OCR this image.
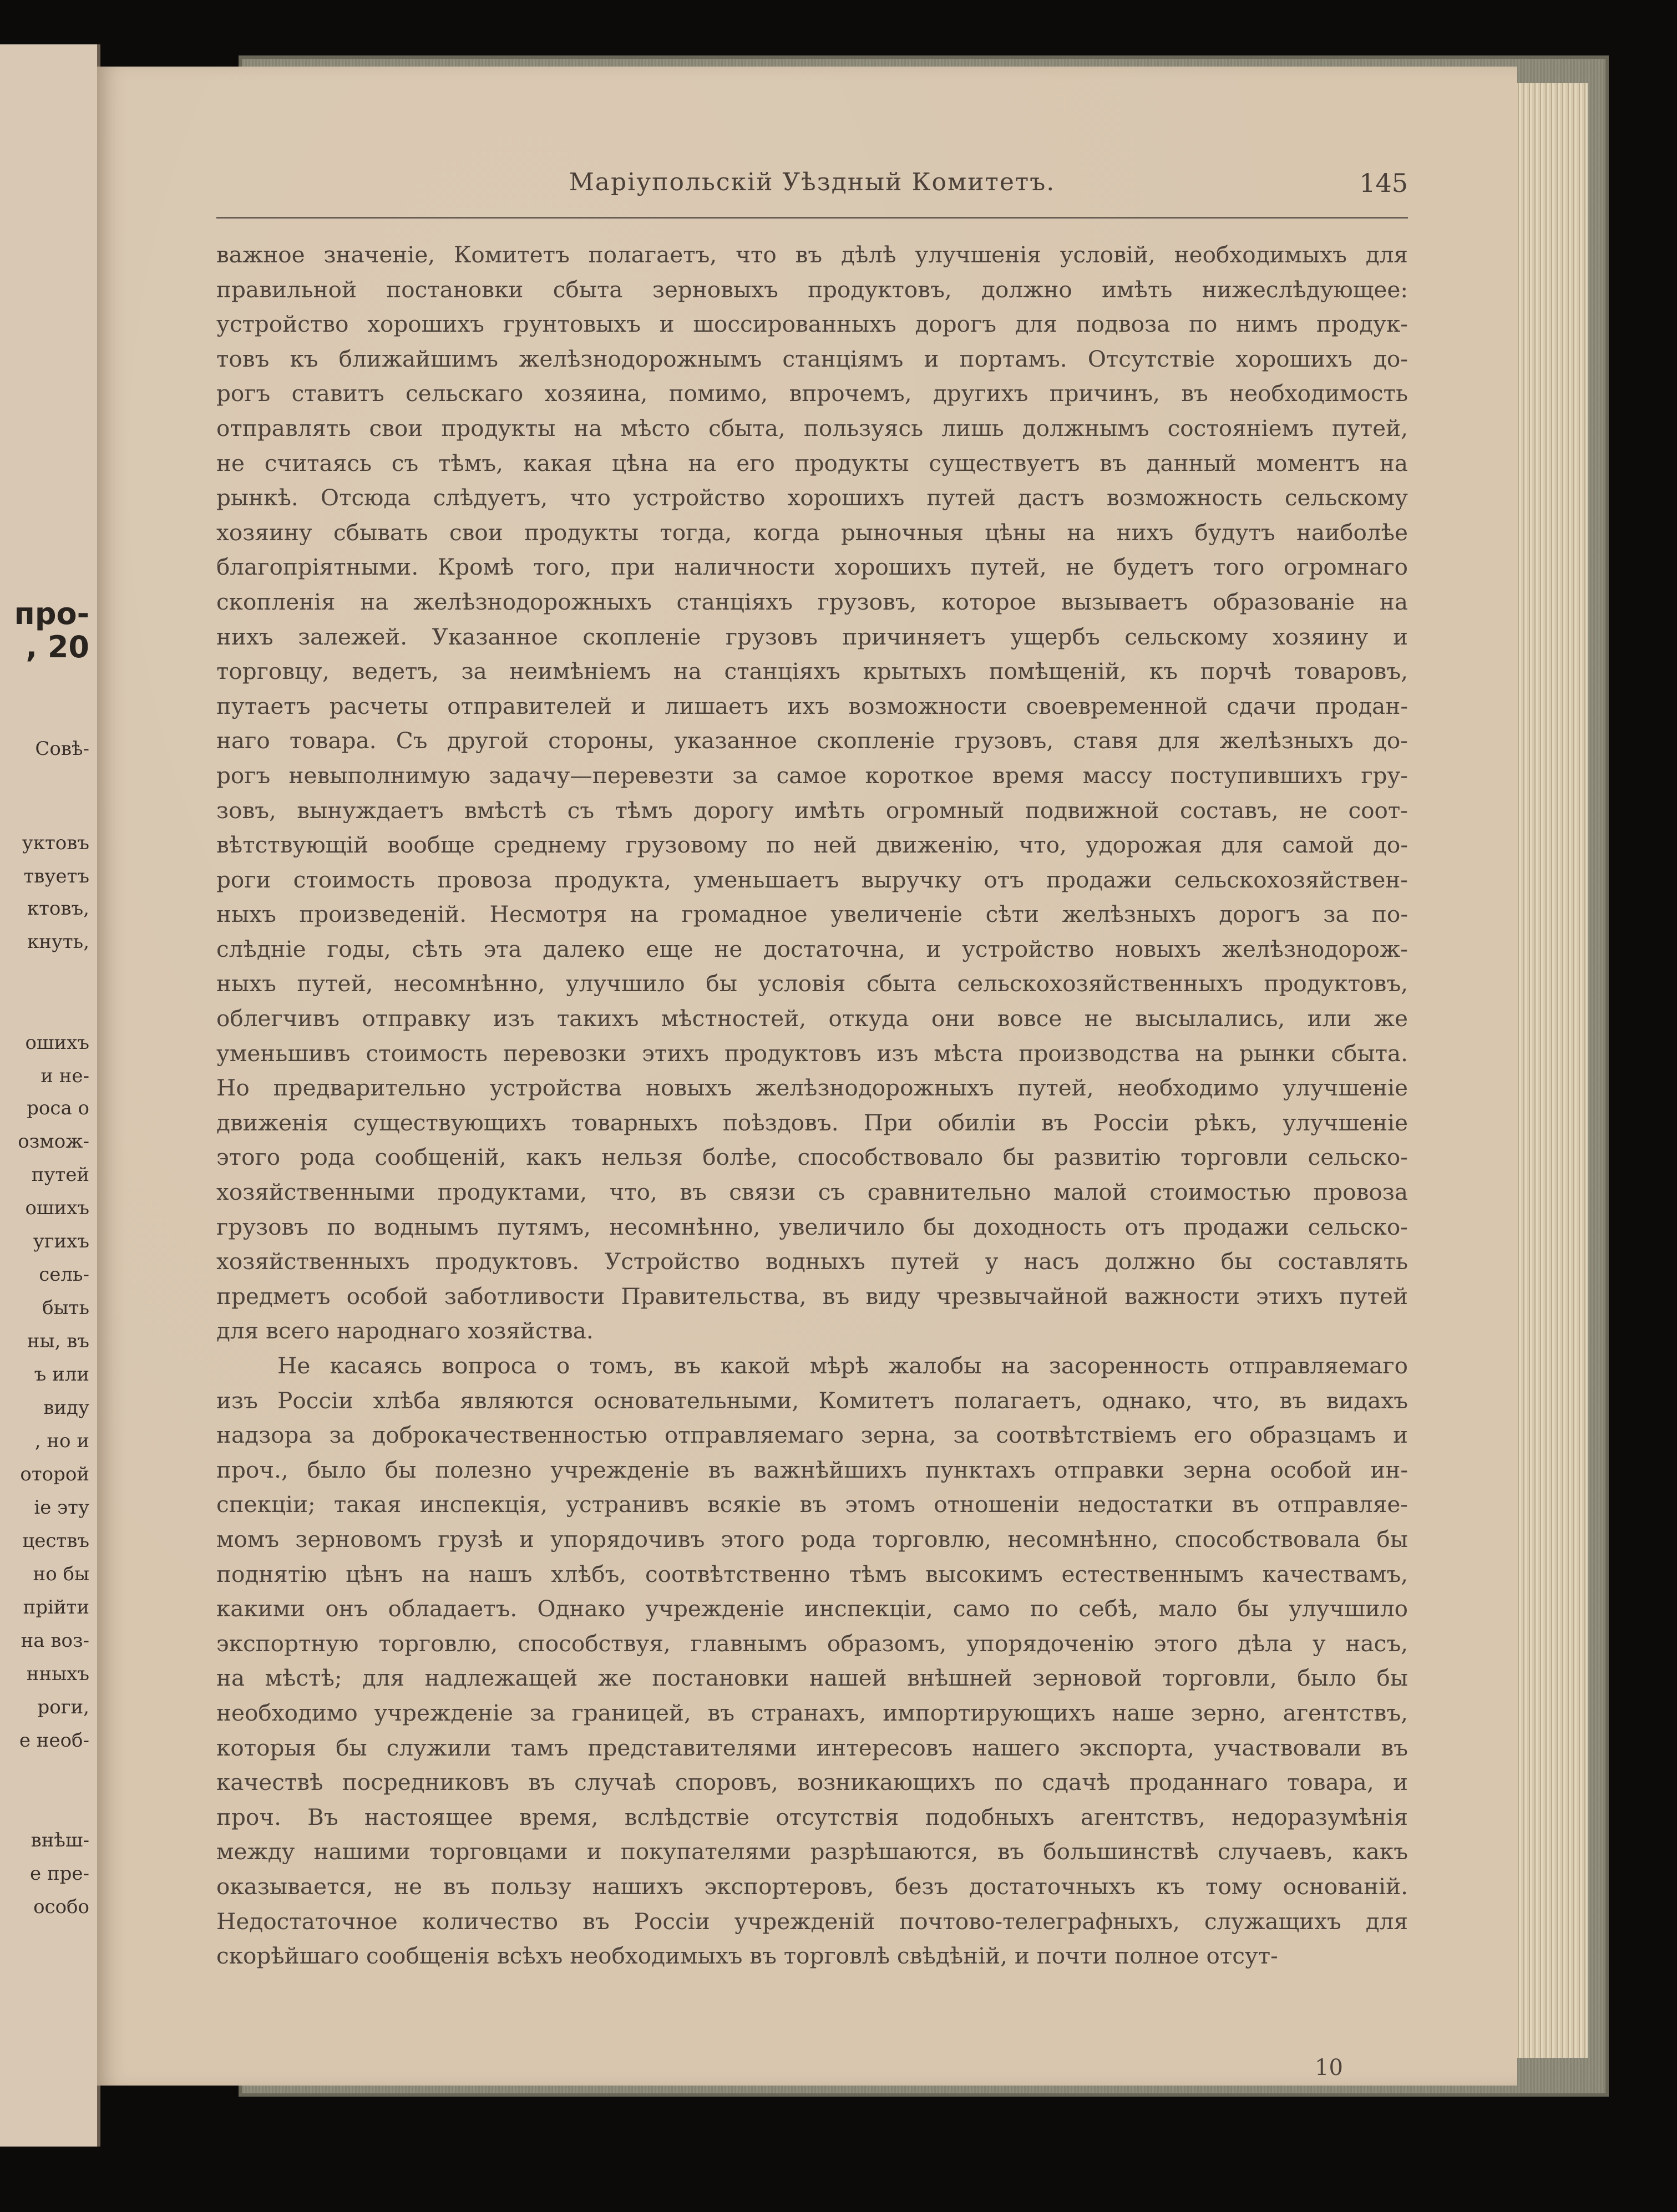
про-
, 20
Совѣ-
уктовъ
твуетъ
ктовъ,
кнуть,
ошихъ
и не-
роса о
озмож-
путей
ошихъ
угихъ
сель-
быть
ны, въ
ъ или
виду
, но и
оторой
іе эту
цествъ
но бы
прійти
на воз-
нныхъ
роги,
е необ-
внѣш-
е пре-
особо
Маріупольскій Уѣздный Комитетъ.	145
важное значеніе, Комитетъ полагаетъ, что въ дѣлѣ улучшенія условій, необходимыхъ для
правильной постановки сбыта зерновыхъ продуктовъ, должно имѣть нижеслѣдующее:
устройство хорошихъ грунтовыхъ и шоссированныхъ дорогъ для подвоза по нимъ продук-
товъ къ ближайшимъ желѣзнодорожнымъ станціямъ и портамъ. Отсутствіе хорошихъ до-
рогъ ставитъ сельскаго хозяина, помимо, впрочемъ, другихъ причинъ, въ необходимость
отправлять свои продукты на мѣсто сбыта, пользуясь лишь должнымъ состояніемъ путей,
не считаясь съ тѣмъ, какая цѣна на его продукты существуетъ въ данный моментъ на
рынкѣ. Отсюда слѣдуетъ, что устройство хорошихъ путей дастъ возможность сельскому
хозяину сбывать свои продукты тогда, когда рыночныя цѣны на нихъ будутъ наиболѣе
благопріятными. Кромѣ того, при наличности хорошихъ путей, не будетъ того огромнаго
скопленія на желѣзнодорожныхъ станціяхъ грузовъ, которое вызываетъ образованіе на
нихъ залежей. Указанное скопленіе грузовъ причиняетъ ущербъ сельскому хозяину и
торговцу, ведетъ, за неимѣніемъ на станціяхъ крытыхъ помѣщеній, къ порчѣ товаровъ,
путаетъ расчеты отправителей и лишаетъ ихъ возможности своевременной сдачи продан-
наго товара. Съ другой стороны, указанное скопленіе грузовъ, ставя для желѣзныхъ до-
рогъ невыполнимую задачу—перевезти за самое короткое время массу поступившихъ гру-
зовъ, вынуждаетъ вмѣстѣ съ тѣмъ дорогу имѣть огромный подвижной составъ, не соот-
вѣтствующій вообще среднему грузовому по ней движенію, что, удорожая для самой до-
роги стоимость провоза продукта, уменьшаетъ выручку отъ продажи сельскохозяйствен-
ныхъ произведеній. Несмотря на громадное увеличеніе сѣти желѣзныхъ дорогъ за по-
слѣдніе годы, сѣть эта далеко еще не достаточна, и устройство новыхъ желѣзнодорож-
ныхъ путей, несомнѣнно, улучшило бы условія сбыта сельскохозяйственныхъ продуктовъ,
облегчивъ отправку изъ такихъ мѣстностей, откуда они вовсе не высылались, или же
уменьшивъ стоимость перевозки этихъ продуктовъ изъ мѣста производства на рынки сбыта.
Но предварительно устройства новыхъ желѣзнодорожныхъ путей, необходимо улучшеніе
движенія существующихъ товарныхъ поѣздовъ. При обиліи въ Россіи рѣкъ, улучшеніе
этого рода сообщеній, какъ нельзя болѣе, способствовало бы развитію торговли сельско-
хозяйственными продуктами, что, въ связи съ сравнительно малой стоимостью провоза
грузовъ по воднымъ путямъ, несомнѣнно, увеличило бы доходность отъ продажи сельско-
хозяйственныхъ продуктовъ. Устройство водныхъ путей у насъ должно бы составлять
предметъ особой заботливости Правительства, въ виду чрезвычайной важности этихъ путей
для всего народнаго хозяйства.
Не касаясь вопроса о томъ, въ какой мѣрѣ жалобы на засоренность отправляемаго
изъ Россіи хлѣба являются основательными, Комитетъ полагаетъ, однако, что, въ видахъ
надзора за доброкачественностью отправляемаго зерна, за соотвѣтствіемъ его образцамъ и
проч., было бы полезно учрежденіе въ важнѣйшихъ пунктахъ отправки зерна особой ин-
спекціи; такая инспекція, устранивъ всякіе въ этомъ отношеніи недостатки въ отправляе-
момъ зерновомъ грузѣ и упорядочивъ этого рода торговлю, несомнѣнно, способствовала бы
поднятію цѣнъ на нашъ хлѣбъ, соотвѣтственно тѣмъ высокимъ естественнымъ качествамъ,
какими онъ обладаетъ. Однако учрежденіе инспекціи, само по себѣ, мало бы улучшило
экспортную торговлю, способствуя, главнымъ образомъ, упорядоченію этого дѣла у насъ,
на мѣстѣ; для надлежащей же постановки нашей внѣшней зерновой торговли, было бы
необходимо учрежденіе за границей, въ странахъ, импортирующихъ наше зерно, агентствъ,
которыя бы служили тамъ представителями интересовъ нашего экспорта, участвовали въ
качествѣ посредниковъ въ случаѣ споровъ, возникающихъ по сдачѣ проданнаго товара, и
проч. Въ настоящее время, вслѣдствіе отсутствія подобныхъ агентствъ, недоразумѣнія
между нашими торговцами и покупателями разрѣшаются, въ большинствѣ случаевъ, какъ
оказывается, не въ пользу нашихъ экспортеровъ, безъ достаточныхъ къ тому основаній.
Недостаточное количество въ Россіи учрежденій почтово-телеграфныхъ, служащихъ для
скорѣйшаго сообщенія всѣхъ необходимыхъ въ торговлѣ свѣдѣній, и почти полное отсут-
10
